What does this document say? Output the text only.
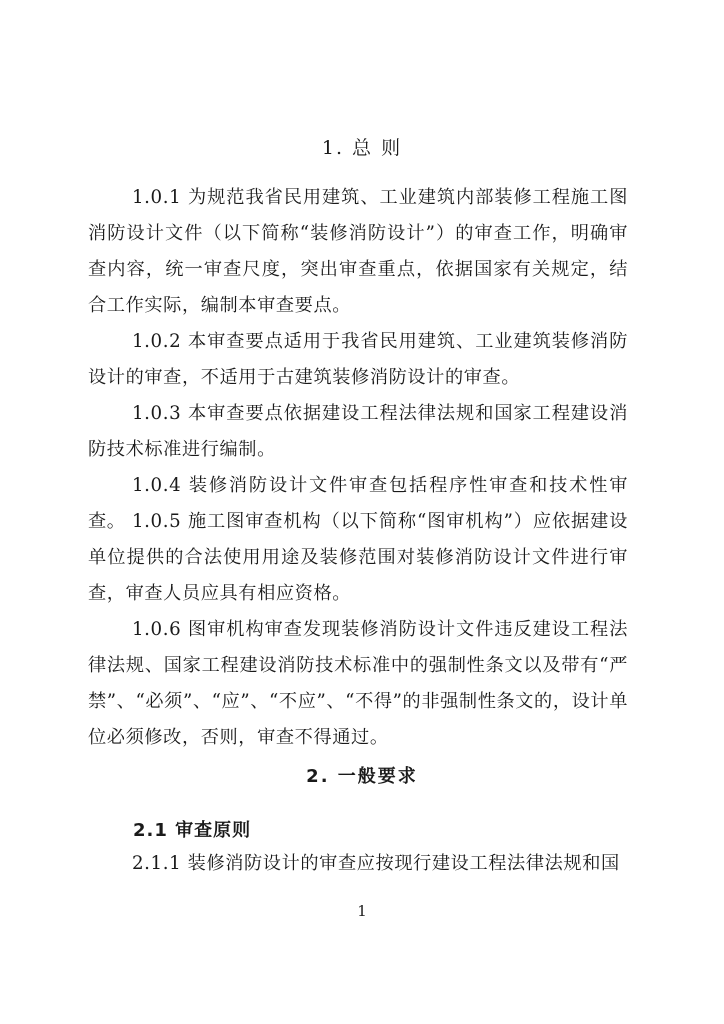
1. 总 则
1.0.1 为规范我省民用建筑、工业建筑内部装修工程施工图消防设计文件（以下简称“装修消防设计”）的审查工作，明确审查内容，统一审查尺度，突出审查重点，依据国家有关规定，结合工作实际，编制本审查要点。
1.0.2 本审查要点适用于我省民用建筑、工业建筑装修消防设计的审查，不适用于古建筑装修消防设计的审查。
1.0.3 本审查要点依据建设工程法律法规和国家工程建设消防技术标准进行编制。
1.0.4 装修消防设计文件审查包括程序性审查和技术性审查。 1.0.5 施工图审查机构（以下简称“图审机构”）应依据建设单位提供的合法使用用途及装修范围对装修消防设计文件进行审查，审查人员应具有相应资格。
1.0.6 图审机构审查发现装修消防设计文件违反建设工程法律法规、国家工程建设消防技术标准中的强制性条文以及带有“严禁”、“必须”、“应”、“不应”、“不得”的非强制性条文的，设计单位必须修改，否则，审查不得通过。
2. 一般要求
2.1 审查原则
2.1.1 装修消防设计的审查应按现行建设工程法律法规和国
1
